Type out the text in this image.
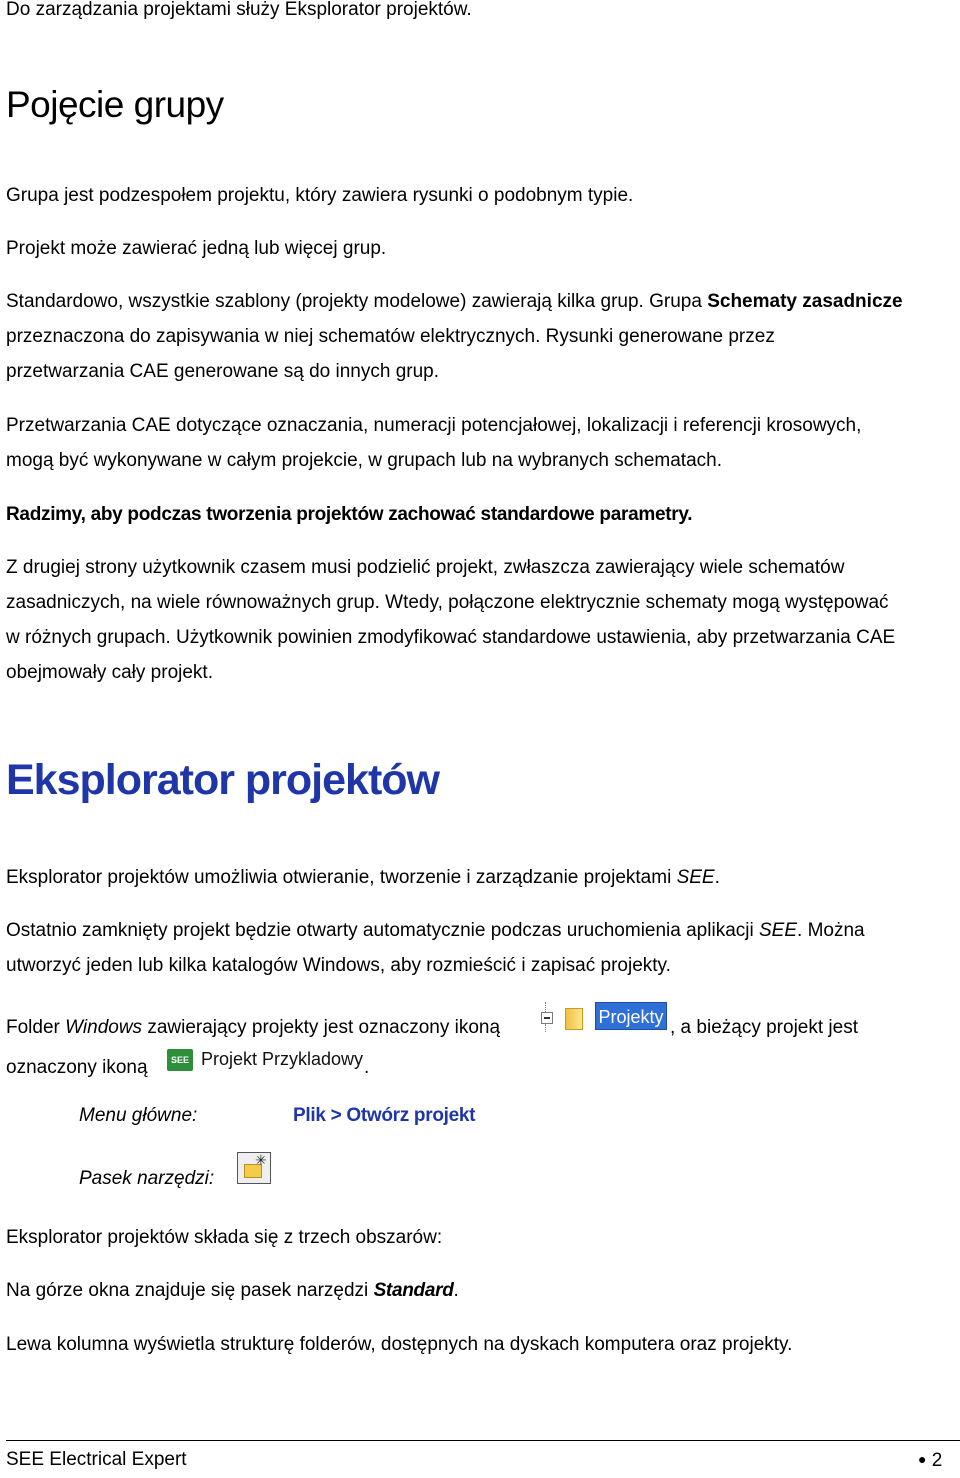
Do zarządzania projektami służy Eksplorator projektów.

Pojęcie grupy

Grupa jest podzespołem projektu, który zawiera rysunki o podobnym typie.

Projekt może zawierać jedną lub więcej grup.

Standardowo, wszystkie szablony (projekty modelowe) zawierają kilka grup. Grupa Schematy zasadnicze

przeznaczona do zapisywania w niej schematów elektrycznych. Rysunki generowane przez

przetwarzania CAE generowane są do innych grup.

Przetwarzania CAE dotyczące oznaczania, numeracji potencjałowej, lokalizacji i referencji krosowych,

mogą być wykonywane w całym projekcie, w grupach lub na wybranych schematach.

Radzimy, aby podczas tworzenia projektów zachować standardowe parametry.

Z drugiej strony użytkownik czasem musi podzielić projekt, zwłaszcza zawierający wiele schematów

zasadniczych, na wiele równoważnych grup. Wtedy, połączone elektrycznie schematy mogą występować

w różnych grupach. Użytkownik powinien zmodyfikować standardowe ustawienia, aby przetwarzania CAE

obejmowały cały projekt.

Eksplorator projektów

Eksplorator projektów umożliwia otwieranie, tworzenie i zarządzanie projektami SEE.

Ostatnio zamknięty projekt będzie otwarty automatycznie podczas uruchomienia aplikacji SEE. Można

utworzyć jeden lub kilka katalogów Windows, aby rozmieścić i zapisać projekty.

Folder Windows zawierający projekty jest oznaczony ikoną	Projekty , a bieżący projekt jest

oznaczony ikoną	SEE Projekt Przykladowy .

Menu główne:	Plik > Otwórz projekt

Pasek narzędzi:

✳

Eksplorator projektów składa się z trzech obszarów:

Na górze okna znajduje się pasek narzędzi Standard.

Lewa kolumna wyświetla strukturę folderów, dostępnych na dyskach komputera oraz projekty.

SEE Electrical Expert	● 2
